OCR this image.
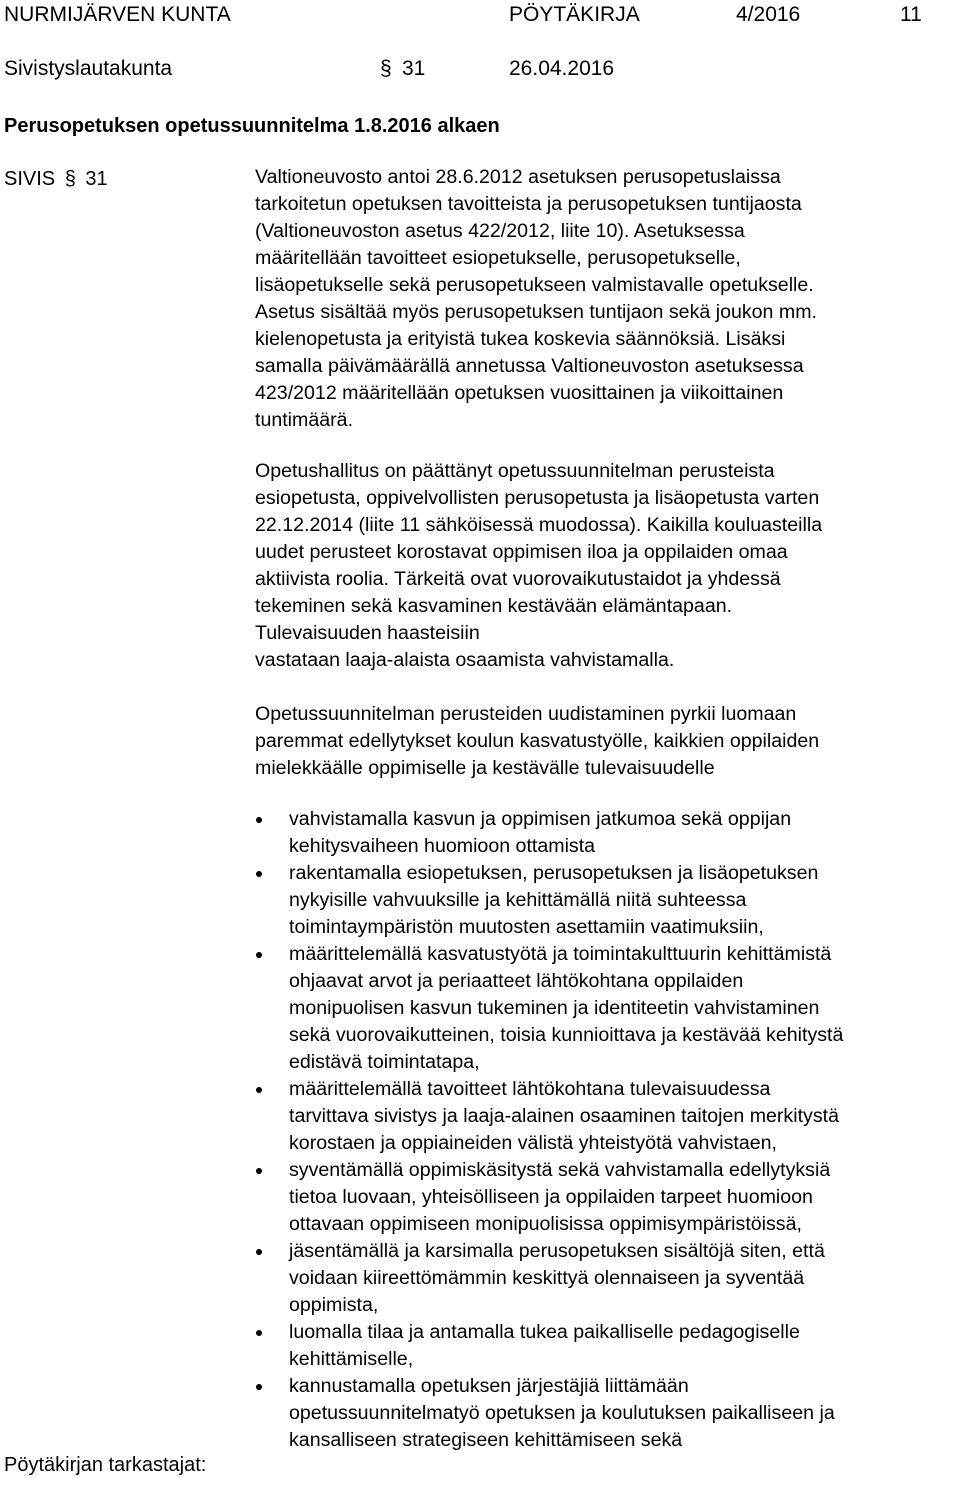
NURMIJÄRVEN KUNTA	PÖYTÄKIRJA	4/2016	11
Sivistyslautakunta	§ 31	26.04.2016
Perusopetuksen opetussuunnitelma 1.8.2016 alkaen
SIVIS § 31	Valtioneuvosto antoi 28.6.2012 asetuksen perusopetuslaissa
tarkoitetun opetuksen tavoitteista ja perusopetuksen tuntijaosta
(Valtioneuvoston asetus 422/2012, liite 10). Asetuksessa
määritellään tavoitteet esiopetukselle, perusopetukselle,
lisäopetukselle sekä perusopetukseen valmistavalle opetukselle.
Asetus sisältää myös perusopetuksen tuntijaon sekä joukon mm.
kielenopetusta ja erityistä tukea koskevia säännöksiä. Lisäksi
samalla päivämäärällä annetussa Valtioneuvoston asetuksessa
423/2012 määritellään opetuksen vuosittainen ja viikoittainen
tuntimäärä.
Opetushallitus on päättänyt opetussuunnitelman perusteista
esiopetusta, oppivelvollisten perusopetusta ja lisäopetusta varten
22.12.2014 (liite 11 sähköisessä muodossa). Kaikilla kouluasteilla
uudet perusteet korostavat oppimisen iloa ja oppilaiden omaa
aktiivista roolia. Tärkeitä ovat vuorovaikutustaidot ja yhdessä
tekeminen sekä kasvaminen kestävään elämäntapaan.
Tulevaisuuden haasteisiin
vastataan laaja-alaista osaamista vahvistamalla.
Opetussuunnitelman perusteiden uudistaminen pyrkii luomaan
paremmat edellytykset koulun kasvatustyölle, kaikkien oppilaiden
mielekkäälle oppimiselle ja kestävälle tulevaisuudelle
vahvistamalla kasvun ja oppimisen jatkumoa sekä oppijan
kehitysvaiheen huomioon ottamista
rakentamalla esiopetuksen, perusopetuksen ja lisäopetuksen
nykyisille vahvuuksille ja kehittämällä niitä suhteessa
toimintaympäristön muutosten asettamiin vaatimuksiin,
määrittelemällä kasvatustyötä ja toimintakulttuurin kehittämistä
ohjaavat arvot ja periaatteet lähtökohtana oppilaiden
monipuolisen kasvun tukeminen ja identiteetin vahvistaminen
sekä vuorovaikutteinen, toisia kunnioittava ja kestävää kehitystä
edistävä toimintatapa,
määrittelemällä tavoitteet lähtökohtana tulevaisuudessa
tarvittava sivistys ja laaja-alainen osaaminen taitojen merkitystä
korostaen ja oppiaineiden välistä yhteistyötä vahvistaen,
syventämällä oppimiskäsitystä sekä vahvistamalla edellytyksiä
tietoa luovaan, yhteisölliseen ja oppilaiden tarpeet huomioon
ottavaan oppimiseen monipuolisissa oppimisympäristöissä,
jäsentämällä ja karsimalla perusopetuksen sisältöjä siten, että
voidaan kiireettömämmin keskittyä olennaiseen ja syventää
oppimista,
luomalla tilaa ja antamalla tukea paikalliselle pedagogiselle
kehittämiselle,
kannustamalla opetuksen järjestäjiä liittämään
opetussuunnitelmatyö opetuksen ja koulutuksen paikalliseen ja
kansalliseen strategiseen kehittämiseen sekä
Pöytäkirjan tarkastajat:
